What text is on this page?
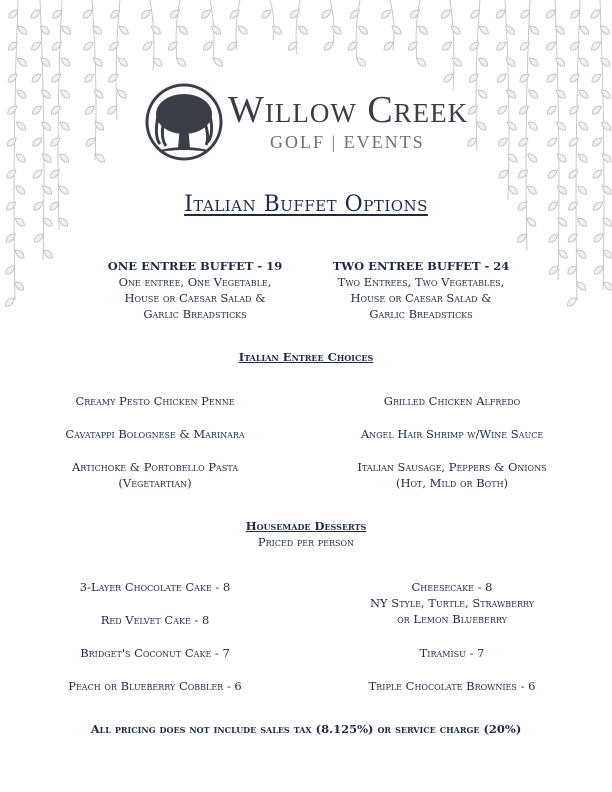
Willow Creek
GOLF | EVENTS
Italian Buffet Options
ONE ENTREE BUFFET - 19
One entree, One Vegetable,
House or Caesar Salad &
Garlic Breadsticks
TWO ENTREE BUFFET - 24
Two Entrees, Two Vegetables,
House or Caesar Salad &
Garlic Breadsticks
Italian Entree Choices
Creamy Pesto Chicken Penne	Grilled Chicken Alfredo
Cavatappi Bolognese & Marinara	Angel Hair Shrimp w/Wine Sauce
Artichoke & Portobello Pasta
(Vegetartian)
Italian Sausage, Peppers & Onions
(Hot, Mild or Both)
Housemade Desserts
Priced per person
3-Layer Chocolate Cake - 8	Cheesecake - 8
NY Style, Turtle, Strawberry
or Lemon Blueberry
Red Velvet Cake - 8
Bridget's Coconut Cake - 7	Tiramisu - 7
Peach or Blueberry Cobbler - 6	Triple Chocolate Brownies - 6
All pricing does not include sales tax (8.125%) or service charge (20%)
